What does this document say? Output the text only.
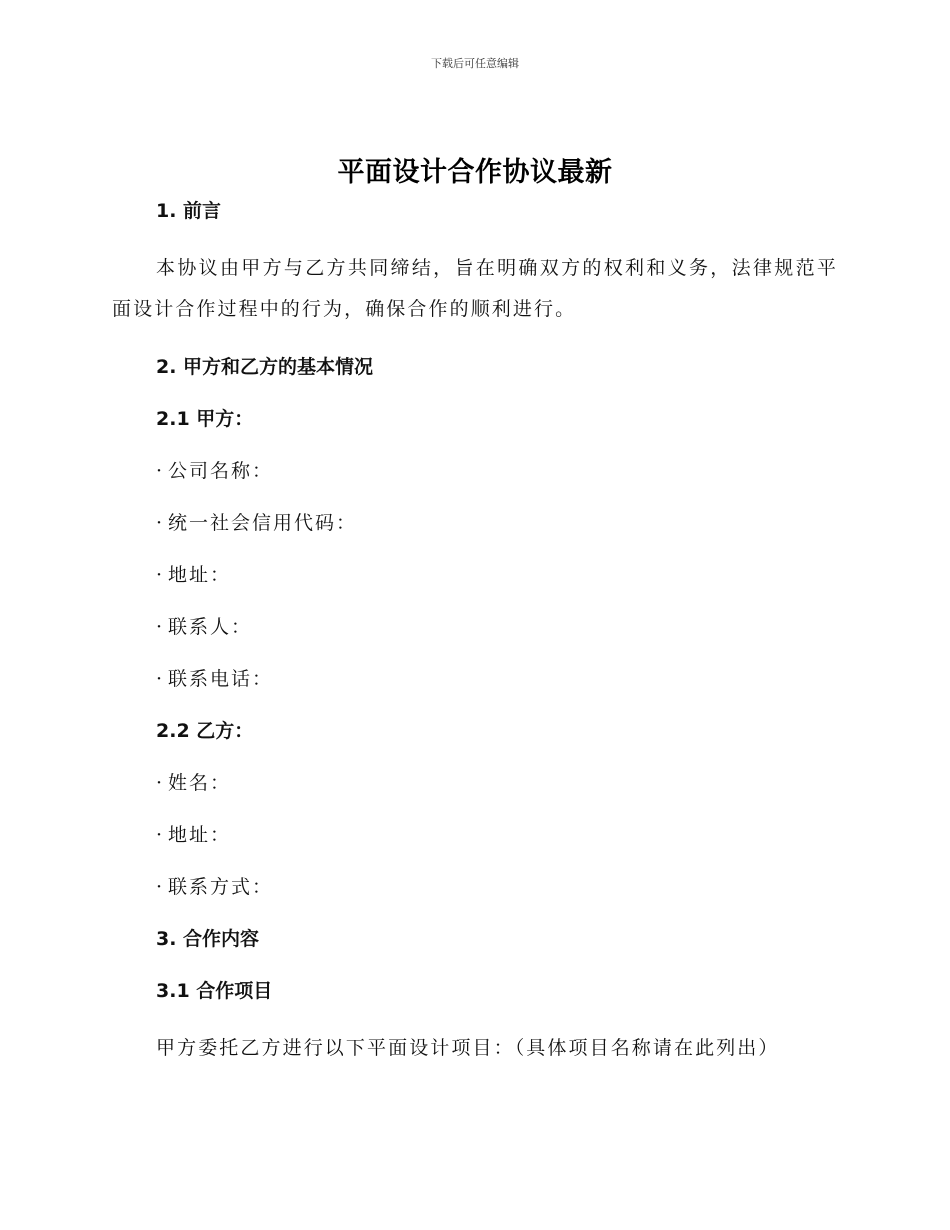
下载后可任意编辑
平面设计合作协议最新
1. 前言
本协议由甲方与乙方共同缔结，旨在明确双方的权利和义务，法律规范平面设计合作过程中的行为，确保合作的顺利进行。
2. 甲方和乙方的基本情况
2.1 甲方：
· 公司名称：
· 统一社会信用代码：
· 地址：
· 联系人：
· 联系电话：
2.2 乙方：
· 姓名：
· 地址：
· 联系方式：
3. 合作内容
3.1 合作项目
甲方委托乙方进行以下平面设计项目：（具体项目名称请在此列出）
